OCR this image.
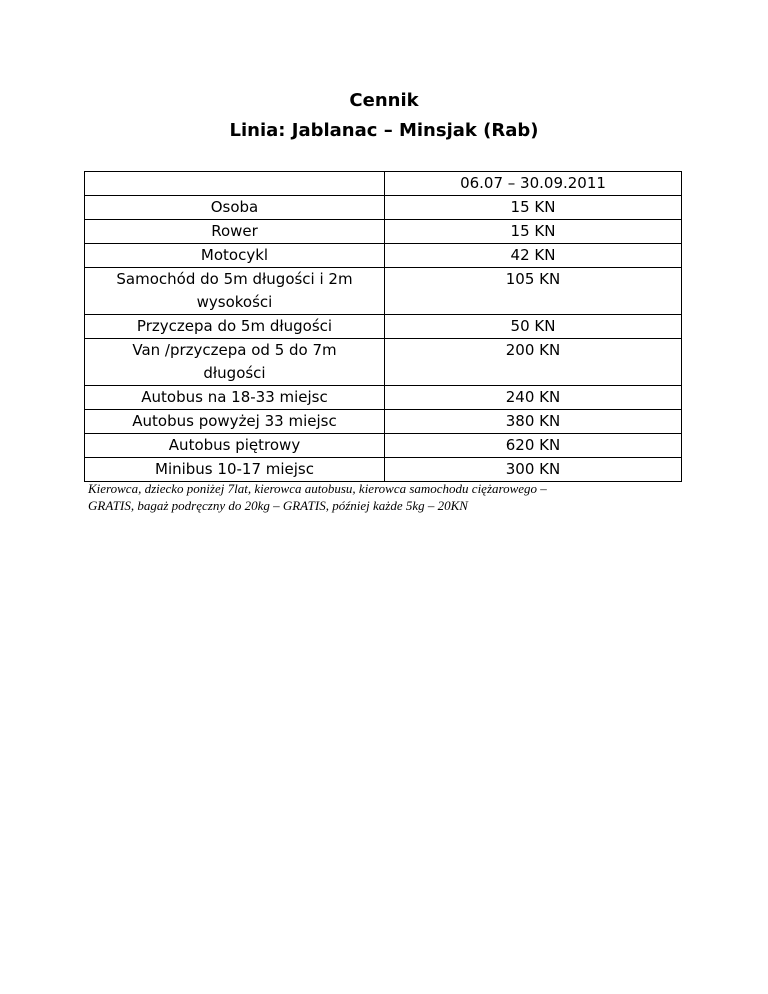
Cennik
Linia: Jablanac – Minsjak (Rab)
	06.07 – 30.09.2011

Osoba	15 KN

Rower	15 KN

Motocykl	42 KN

Samochód do 5m długości i 2m
wysokości	105 KN

Przyczepa do 5m długości	50 KN

Van /przyczepa od 5 do 7m
długości	200 KN

Autobus na 18-33 miejsc	240 KN

Autobus powyżej 33 miejsc	380 KN

Autobus piętrowy	620 KN

Minibus 10-17 miejsc	300 KN
Kierowca, dziecko poniżej 7lat, kierowca autobusu, kierowca samochodu ciężarowego –
GRATIS, bagaż podręczny do 20kg – GRATIS, później każde 5kg – 20KN
